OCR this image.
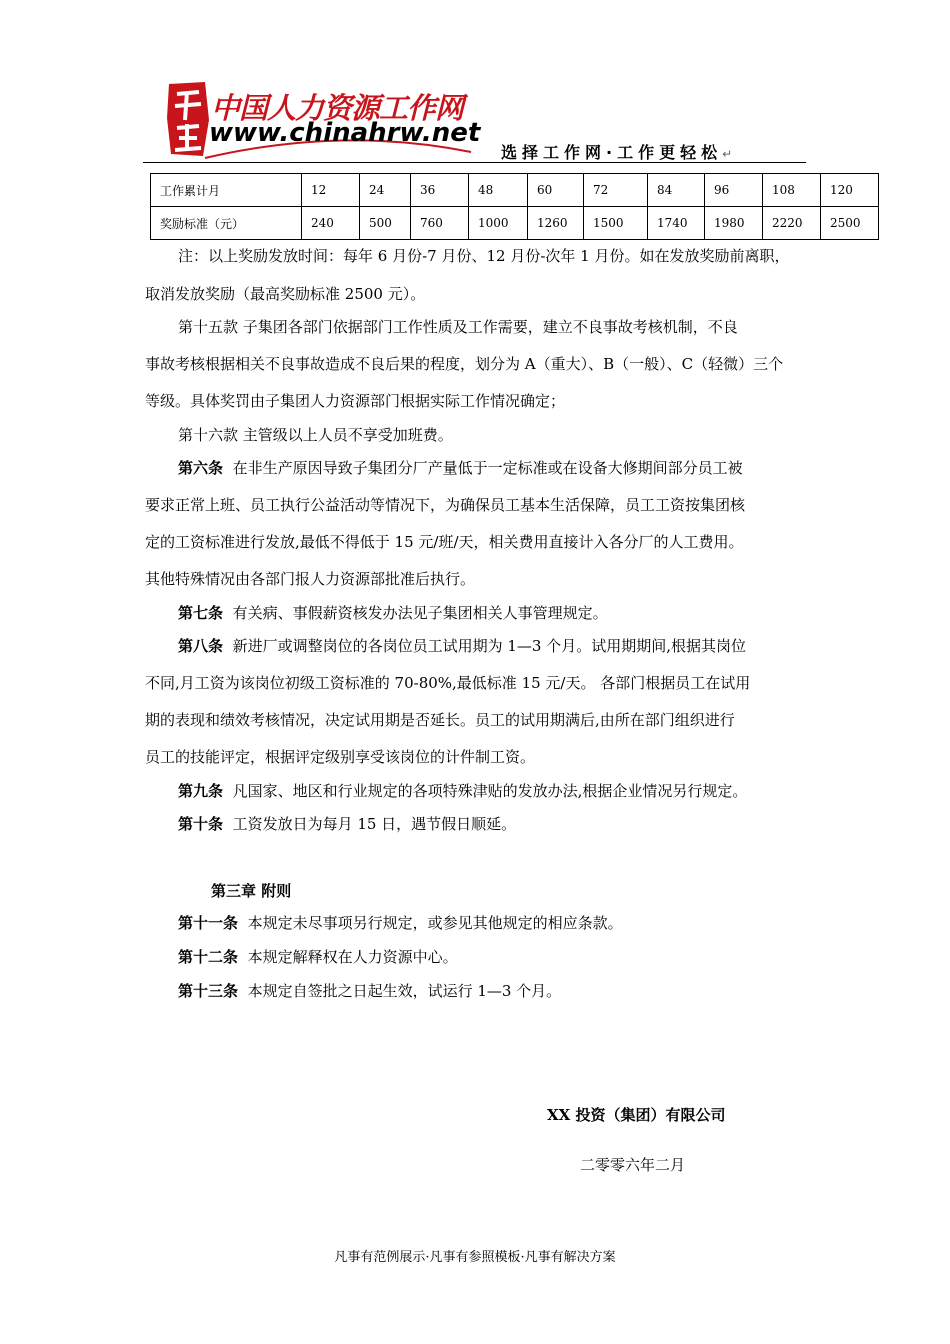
中国人力资源工作网
www.chinahrw.net
选择工作网·工作更轻松↵
工作累计月	12	24	36	48	60	72	84	96	108	120
奖励标准（元）	240	500	760	1000	1260	1500	1740	1980	2220	2500
注：以上奖励发放时间：每年 6 月份-7 月份、12 月份-次年 1 月份。如在发放奖励前离职，
取消发放奖励（最高奖励标准 2500 元）。
第十五款 子集团各部门依据部门工作性质及工作需要，建立不良事故考核机制，不良
事故考核根据相关不良事故造成不良后果的程度，划分为 A（重大）、B（一般）、C（轻微）三个
等级。具体奖罚由子集团人力资源部门根据实际工作情况确定；
第十六款 主管级以上人员不享受加班费。
第六条 在非生产原因导致子集团分厂产量低于一定标准或在设备大修期间部分员工被
要求正常上班、员工执行公益活动等情况下，为确保员工基本生活保障，员工工资按集团核
定的工资标准进行发放,最低不得低于 15 元/班/天，相关费用直接计入各分厂的人工费用。
其他特殊情况由各部门报人力资源部批准后执行。
第七条 有关病、事假薪资核发办法见子集团相关人事管理规定。
第八条 新进厂或调整岗位的各岗位员工试用期为 1—3 个月。试用期期间,根据其岗位
不同,月工资为该岗位初级工资标准的 70-80%,最低标准 15 元/天。 各部门根据员工在试用
期的表现和绩效考核情况，决定试用期是否延长。员工的试用期满后,由所在部门组织进行
员工的技能评定，根据评定级别享受该岗位的计件制工资。
第九条 凡国家、地区和行业规定的各项特殊津贴的发放办法,根据企业情况另行规定。
第十条 工资发放日为每月 15 日，遇节假日顺延。
第三章 附则
第十一条 本规定未尽事项另行规定，或参见其他规定的相应条款。
第十二条 本规定解释权在人力资源中心。
第十三条 本规定自签批之日起生效，试运行 1—3 个月。
XX 投资（集团）有限公司
二零零六年二月
凡事有范例展示·凡事有参照模板·凡事有解决方案
